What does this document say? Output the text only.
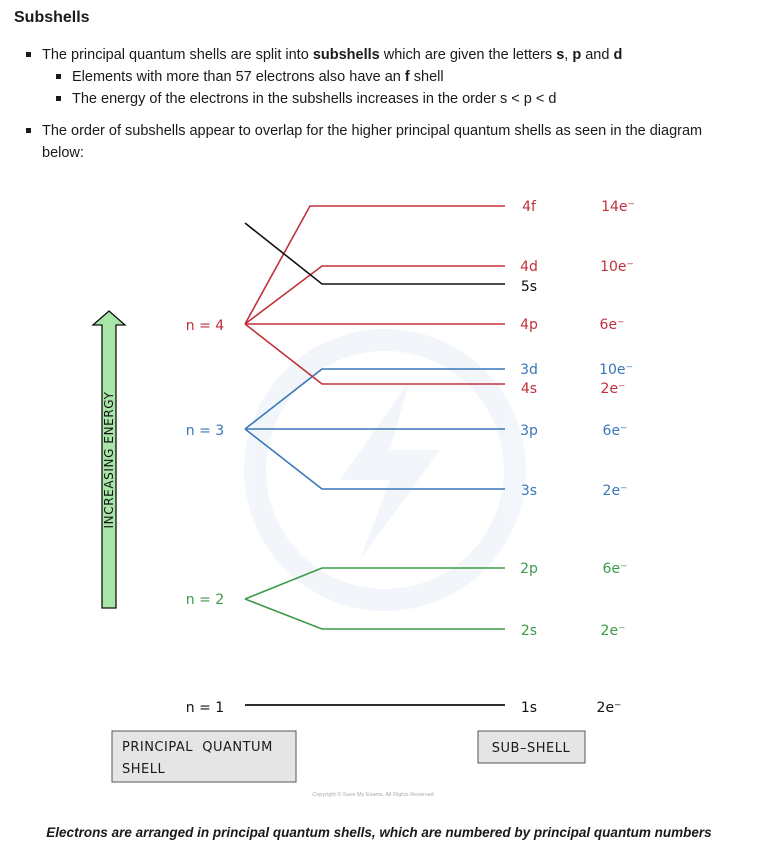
Subshells
The principal quantum shells are split into subshells which are given the letters s, p and d
Elements with more than 57 electrons also have an f shell
The energy of the electrons in the subshells increases in the order s < p < d
The order of subshells appear to overlap for the higher principal quantum shells as seen in the diagram below:
INCREASING ENERGY
n = 1
n = 2
n = 3
n = 4
1s
2s
2p
3s
3p
4s
3d
4p
5s
4d
4f
2e⁻
2e⁻
6e⁻
2e⁻
6e⁻
2e⁻
10e⁻
6e⁻
10e⁻
14e⁻
PRINCIPAL  QUANTUM
SHELL
SUB–SHELL
Copyright © Save My Exams. All Rights Reserved
Electrons are arranged in principal quantum shells, which are numbered by principal quantum numbers
